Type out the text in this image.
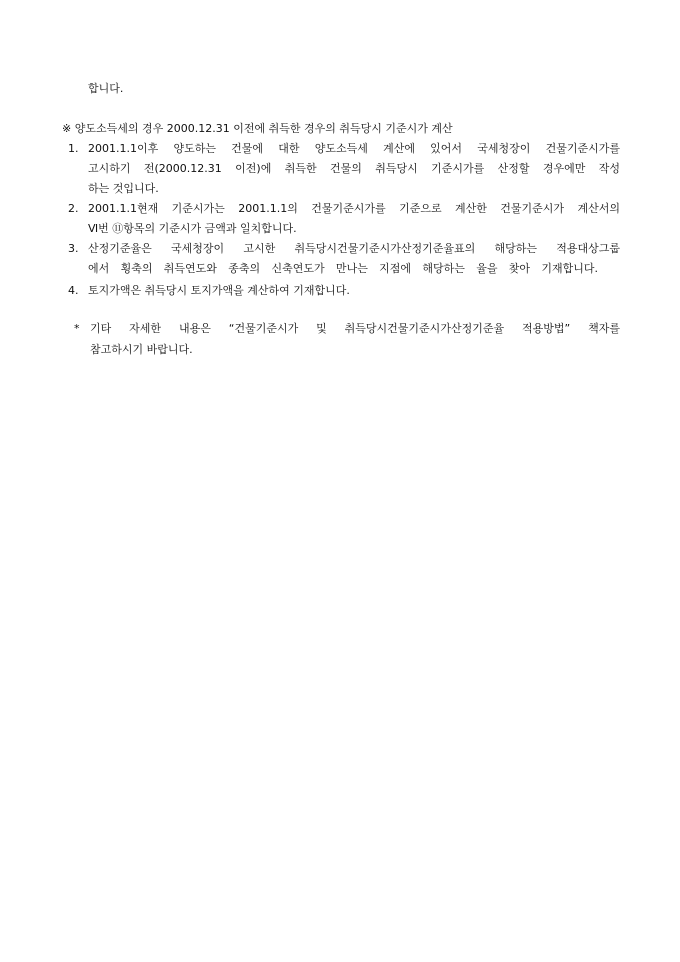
합니다.
※ 양도소득세의 경우 2000.12.31 이전에 취득한 경우의 취득당시 기준시가 계산
1. 2001.1.1이후 양도하는 건물에 대한 양도소득세 계산에 있어서 국세청장이 건물기준시가를
고시하기 전(2000.12.31 이전)에 취득한 건물의 취득당시 기준시가를 산정할 경우에만 작성
하는 것입니다.
2. 2001.1.1현재 기준시가는 2001.1.1의 건물기준시가를 기준으로 계산한 건물기준시가 계산서의
Ⅵ번 ⑪항목의 기준시가 금액과 일치합니다.
3. 산정기준율은 국세청장이 고시한 취득당시건물기준시가산정기준율표의 해당하는 적용대상그룹
에서 횡축의 취득연도와 종축의 신축연도가 만나는 지점에 해당하는 율을 찾아 기재합니다.
4. 토지가액은 취득당시 토지가액을 계산하여 기재합니다.
* 기타 자세한 내용은 “건물기준시가 및 취득당시건물기준시가산정기준율 적용방법” 책자를
참고하시기 바랍니다.
